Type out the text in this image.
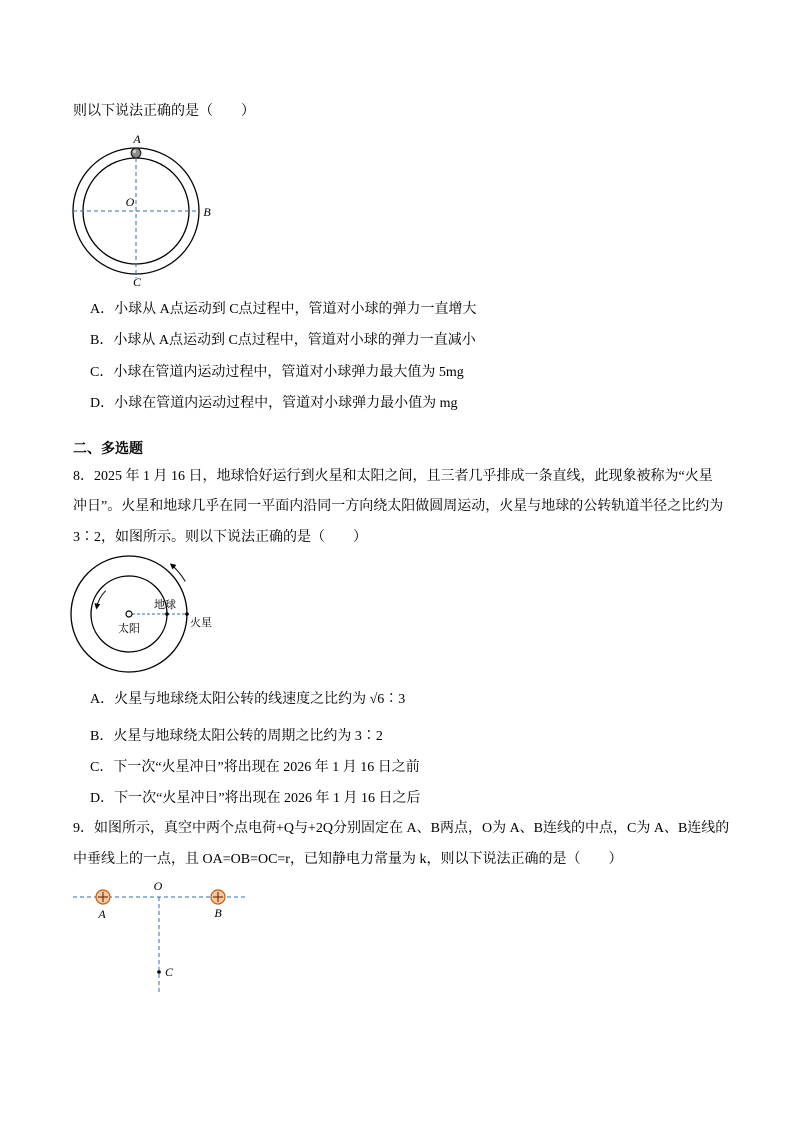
则以下说法正确的是（　　）
A
O
B
C
A．小球从 A点运动到 C点过程中，管道对小球的弹力一直增大
B．小球从 A点运动到 C点过程中，管道对小球的弹力一直减小
C．小球在管道内运动过程中，管道对小球弹力最大值为 5mg
D．小球在管道内运动过程中，管道对小球弹力最小值为 mg
二、多选题
8．2025 年 1 月 16 日，地球恰好运行到火星和太阳之间，且三者几乎排成一条直线，此现象被称为“火星
冲日”。火星和地球几乎在同一平面内沿同一方向绕太阳做圆周运动，火星与地球的公转轨道半径之比约为
3∶2，如图所示。则以下说法正确的是（　　）
地球
太阳	火星
A．火星与地球绕太阳公转的线速度之比约为 √6∶3
B．火星与地球绕太阳公转的周期之比约为 3∶2
C．下一次“火星冲日”将出现在 2026 年 1 月 16 日之前
D．下一次“火星冲日”将出现在 2026 年 1 月 16 日之后
9．如图所示，真空中两个点电荷+Q与+2Q分别固定在 A、B两点，O为 A、B连线的中点，C为 A、B连线的
中垂线上的一点，且 OA=OB=OC=r，已知静电力常量为 k，则以下说法正确的是（　　）
O
A	B
C
